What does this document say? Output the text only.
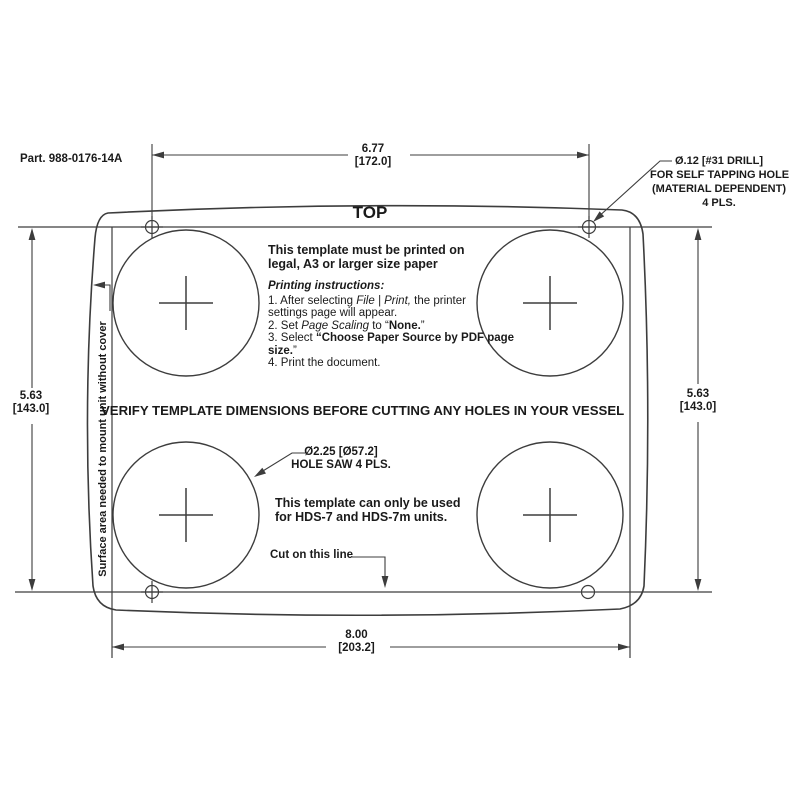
Part. 988-0176-14A
6.77
[172.0]	Ø.12 [#31 DRILL]
FOR SELF TAPPING HOLE
(MATERIAL DEPENDENT)
4 PLS.
TOP
This template must be printed on
legal, A3 or larger size paper
Printing instructions:
1. After selecting File | Print, the printer
settings page will appear.
2. Set Page Scaling to “None.”
3. Select “Choose Paper Source by PDF page
size.”
4. Print the document.
VERIFY TEMPLATE DIMENSIONS BEFORE CUTTING ANY HOLES IN YOUR VESSEL
Ø2.25 [Ø57.2]
HOLE SAW 4 PLS.
This template can only be used
for HDS-7 and HDS-7m units.
Cut on this line
Surface area needed to mount unit without cover
5.63
[143.0]
5.63
[143.0]
8.00
[203.2]
